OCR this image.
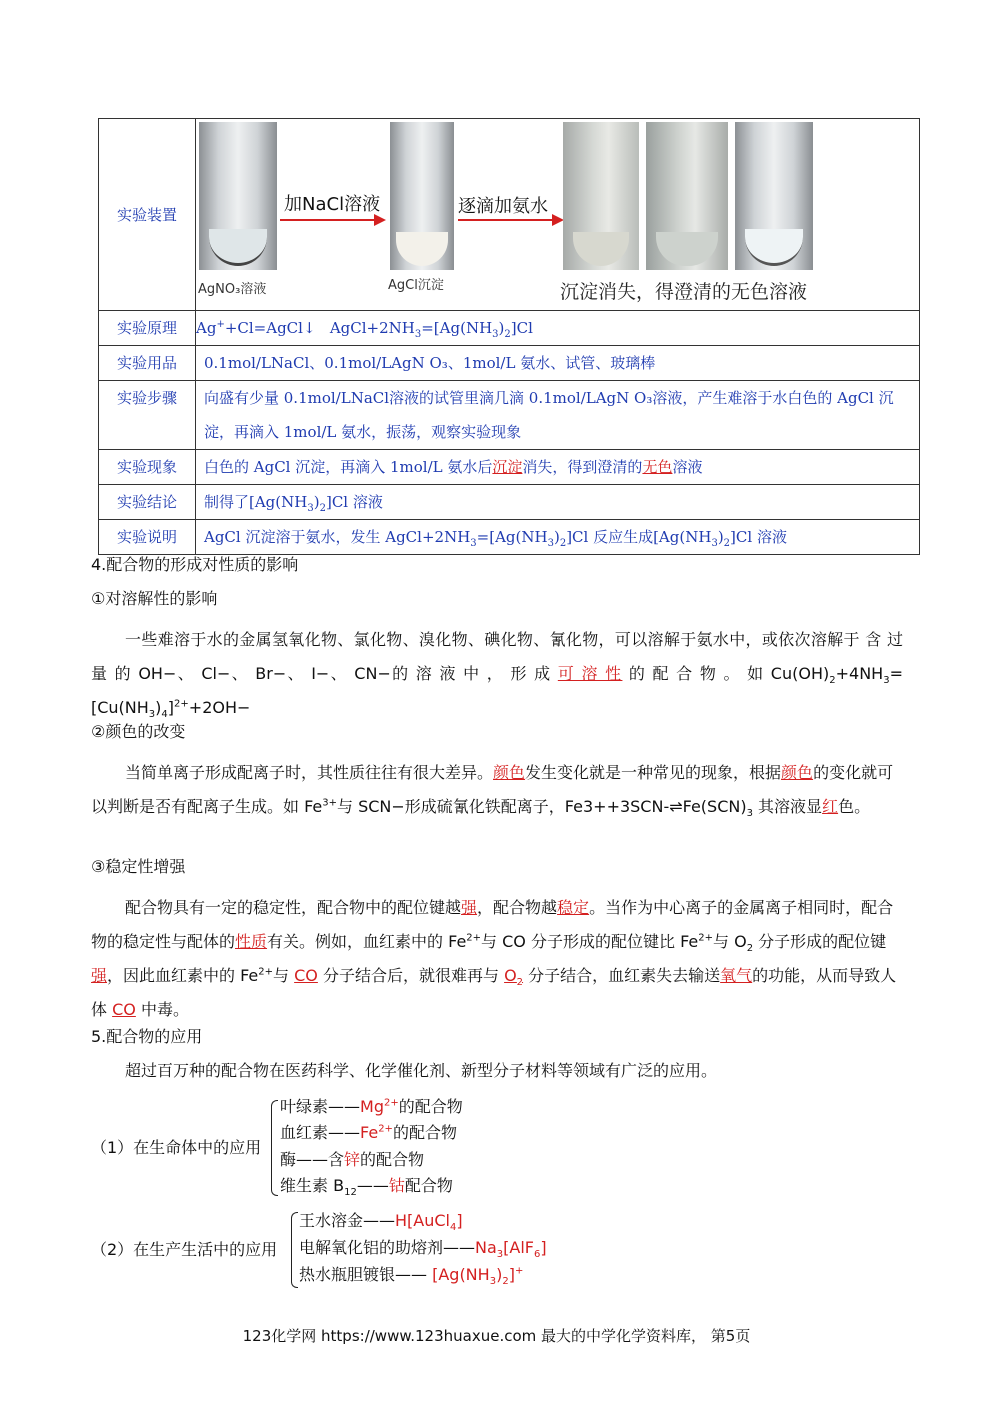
实验装置	AgNO₃溶液
加NaCl溶液
AgCl沉淀
逐滴加氨水
沉淀消失，得澄清的无色溶液

实验原理	Ag++Cl=AgCl↓   $AgCl+2NH_3=[Ag(NH_3)_2]Cl$
实验用品	0.1mol/LNaCl、0.1mol/LAgN O₃、1mol/L 氨水、试管、玻璃棒
实验步骤	向盛有少量 0.1mol/LNaCl溶液的试管里滴几滴 0.1mol/LAgN O₃溶液，产生难溶于水白色的 AgCl 沉淀，再滴入 1mol/L 氨水，振荡，观察实验现象
实验现象	白色的 AgCl 沉淀，再滴入 1mol/L 氨水后沉淀消失，得到澄清的无色溶液
实验结论	制得了$[Ag(NH_3)_2]Cl$ 溶液
实验说明	AgCl 沉淀溶于氨水，发生 $AgCl+2NH_3=[Ag(NH_3)_2]Cl$ 反应生成$[Ag(NH_3)_2]Cl$ 溶液
4.配合物的形成对性质的影响
①对溶解性的影响
一些难溶于水的金属氢氧化物、氯化物、溴化物、碘化物、氰化物，可以溶解于氨水中，或依次溶解于 含 过 量 的 OH−、 Cl−、 Br−、 I−、 CN−的 溶 液 中 ， 形 成 可 溶 性 的 配 合 物 。 如 $Cu(OH)_2+4NH_3=[Cu(NH_3)_4]^{2+}+2OH-$
②颜色的改变
当简单离子形成配离子时，其性质往往有很大差异。颜色发生变化就是一种常见的现象，根据颜色的变化就可以判断是否有配离子生成。如 $Fe^{3+}$与 SCN−形成硫氰化铁配离子，$Fe3++3SCN-\rightleftharpoons Fe(SCN)_3$ 其溶液显红色。
③稳定性增强
配合物具有一定的稳定性，配合物中的配位键越强，配合物越稳定。当作为中心离子的金属离子相同时，配合物的稳定性与配体的性质有关。例如，血红素中的 $Fe^{2+}$与 CO 分子形成的配位键比 $Fe^{2+}$与 $O_2$ 分子形成的配位键强，因此血红素中的 $Fe^{2+}$与 CO 分子结合后，就很难再与 $O_2$ 分子结合，血红素失去输送氧气的功能，从而导致人体 CO 中毒。
5.配合物的应用
超过百万种的配合物在医药科学、化学催化剂、新型分子材料等领域有广泛的应用。
（1）在生命体中的应用
叶绿素$——Mg^{2+}$的配合物
血红素$——Fe^{2+}$的配合物
酶——含锌的配合物
维生素 $B_{12}——$钴配合物
（2）在生产生活中的应用
王水溶金——H[AuCl$_4$]
电解氧化铝的助熔剂$——Na_3[AlF_6]$
热水瓶胆镀银—— $[Ag(NH_3)_2]^+$
123化学网 https://www.123huaxue.com 最大的中学化学资料库， 第5页
